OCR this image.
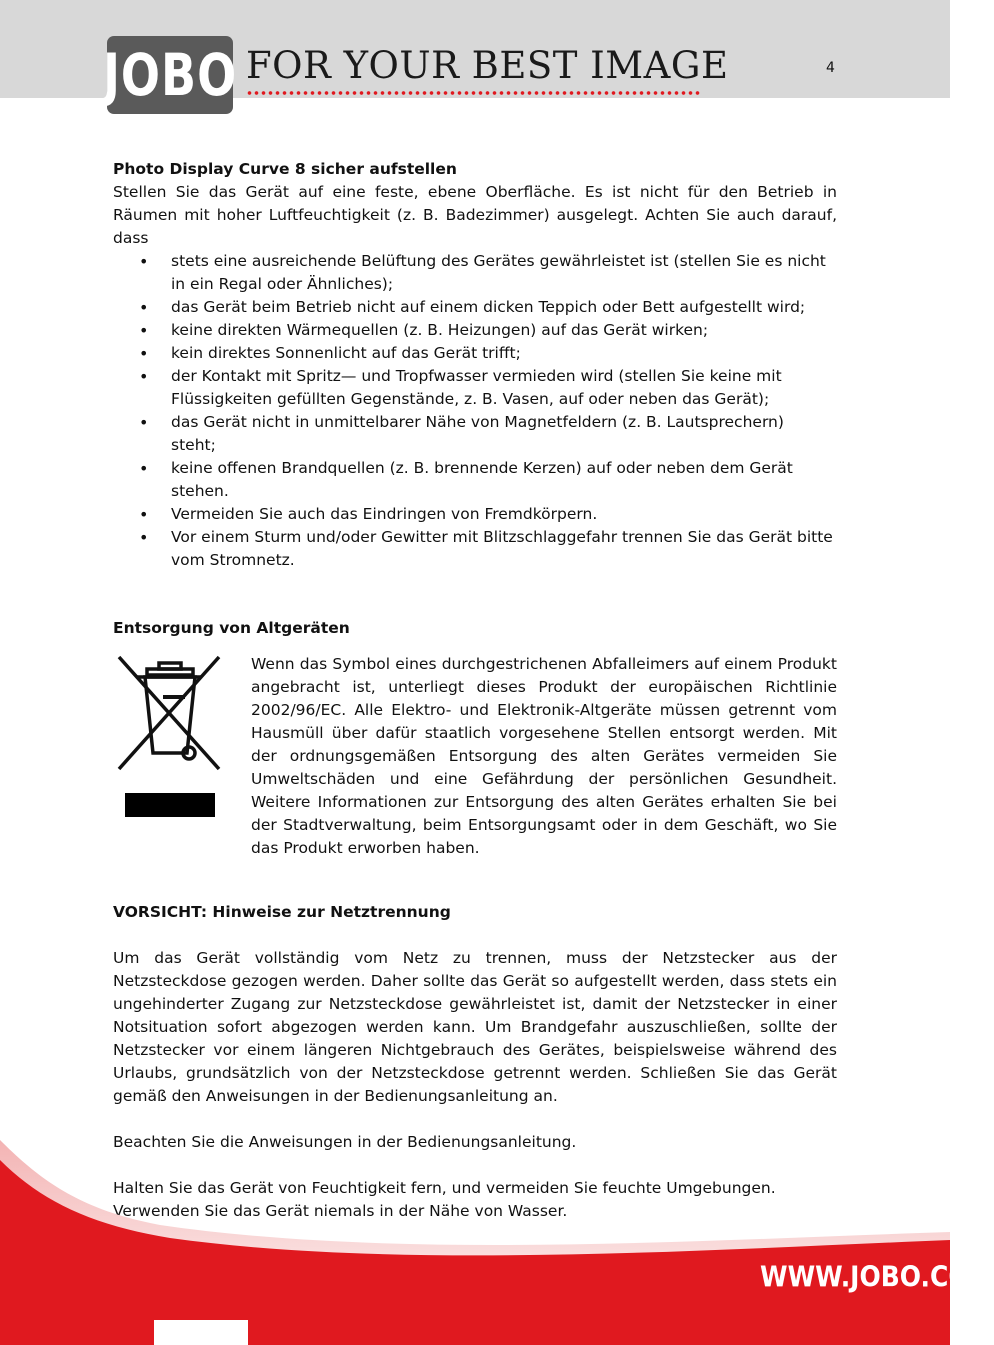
JOBO FOR YOUR BEST IMAGE	4

Photo Display Curve 8 sicher aufstellen

Stellen Sie das Gerät auf eine feste, ebene Oberfläche. Es ist nicht für den Betrieb in Räumen mit hoher Luftfeuchtigkeit (z. B. Badezimmer) ausgelegt. Achten Sie auch darauf, dass

• stets eine ausreichende Belüftung des Gerätes gewährleistet ist (stellen Sie es nicht in ein Regal oder Ähnliches);
• das Gerät beim Betrieb nicht auf einem dicken Teppich oder Bett aufgestellt wird;
• keine direkten Wärmequellen (z. B. Heizungen) auf das Gerät wirken;
• kein direktes Sonnenlicht auf das Gerät trifft;
• der Kontakt mit Spritz— und Tropfwasser vermieden wird (stellen Sie keine mit Flüssigkeiten gefüllten Gegenstände, z. B. Vasen, auf oder neben das Gerät);
• das Gerät nicht in unmittelbarer Nähe von Magnetfeldern (z. B. Lautsprechern) steht;
• keine offenen Brandquellen (z. B. brennende Kerzen) auf oder neben dem Gerät stehen.
• Vermeiden Sie auch das Eindringen von Fremdkörpern.
• Vor einem Sturm und/oder Gewitter mit Blitzschlaggefahr trennen Sie das Gerät bitte vom Stromnetz.

Entsorgung von Altgeräten

Wenn das Symbol eines durchgestrichenen Abfalleimers auf einem Produkt angebracht ist, unterliegt dieses Produkt der europäischen Richtlinie 2002/96/EC. Alle Elektro- und Elektronik-Altgeräte müssen getrennt vom Hausmüll über dafür staatlich vorgesehene Stellen entsorgt werden. Mit der ordnungsgemäßen Entsorgung des alten Gerätes vermeiden Sie Umweltschäden und eine Gefährdung der persönlichen Gesundheit. Weitere Informationen zur Entsorgung des alten Gerätes erhalten Sie bei der Stadtverwaltung, beim Entsorgungsamt oder in dem Geschäft, wo Sie das Produkt erworben haben.

VORSICHT: Hinweise zur Netztrennung

Um das Gerät vollständig vom Netz zu trennen, muss der Netzstecker aus der Netzsteckdose gezogen werden. Daher sollte das Gerät so aufgestellt werden, dass stets ein ungehinderter Zugang zur Netzsteckdose gewährleistet ist, damit der Netzstecker in einer Notsituation sofort abgezogen werden kann. Um Brandgefahr auszuschließen, sollte der Netzstecker vor einem längeren Nichtgebrauch des Gerätes, beispielsweise während des Urlaubs, grundsätzlich von der Netzsteckdose getrennt werden. Schließen Sie das Gerät gemäß den Anweisungen in der Bedienungsanleitung an.

Beachten Sie die Anweisungen in der Bedienungsanleitung.

Halten Sie das Gerät von Feuchtigkeit fern, und vermeiden Sie feuchte Umgebungen. Verwenden Sie das Gerät niemals in der Nähe von Wasser.

WWW.JOBO.COM
